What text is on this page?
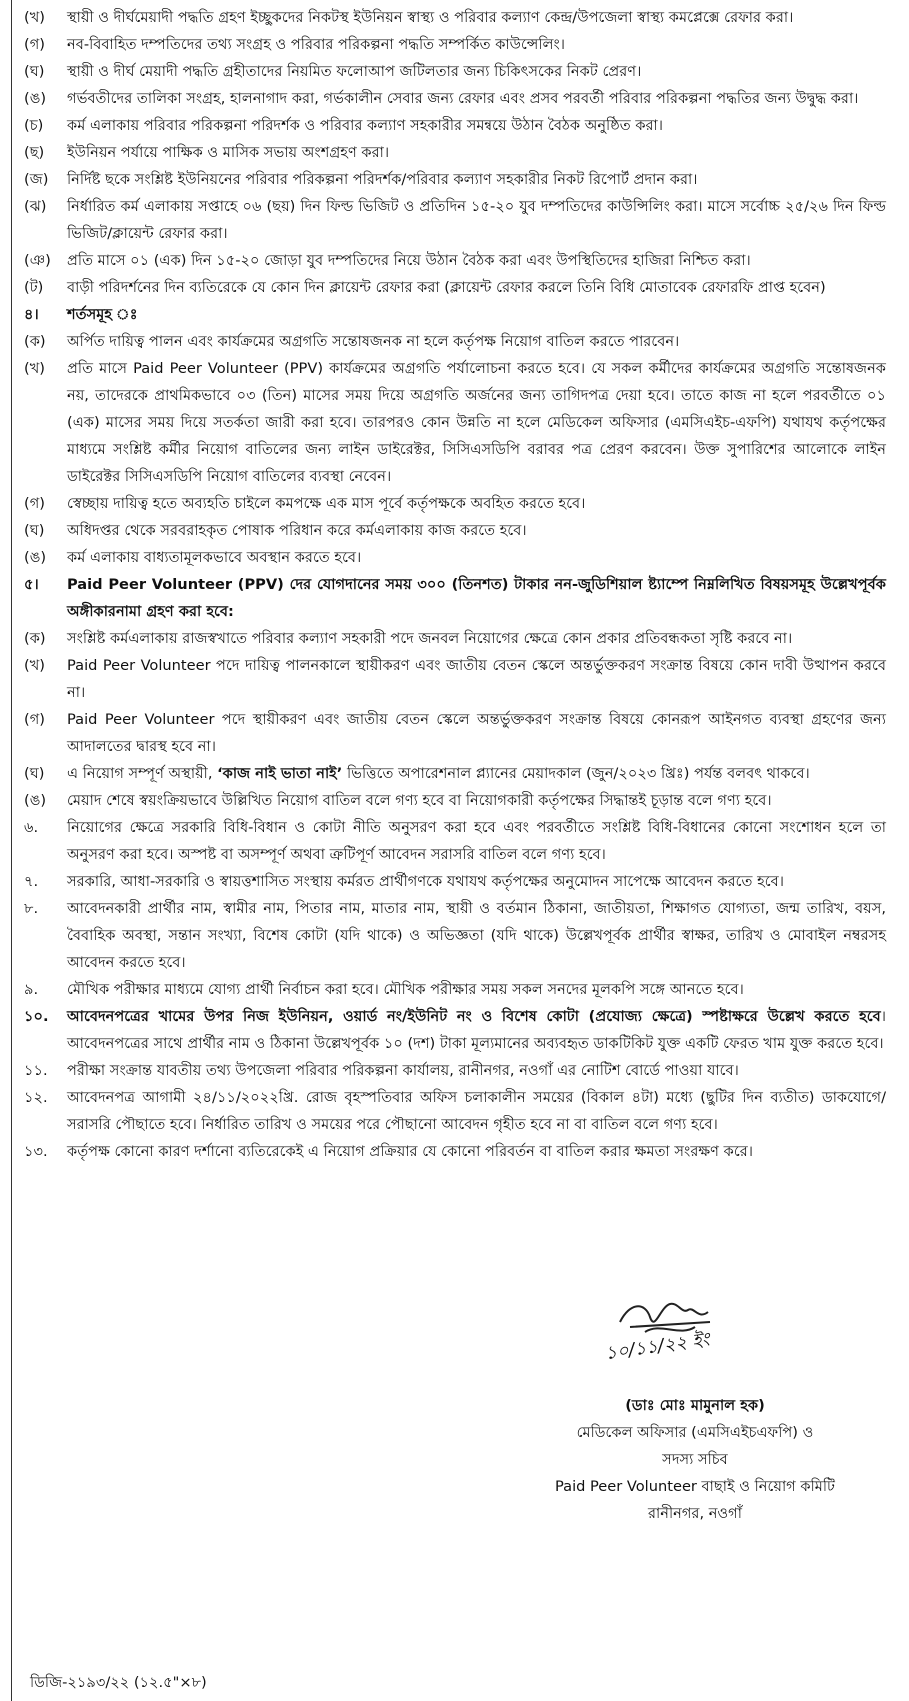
(খ)	স্থায়ী ও দীর্ঘমেয়াদী পদ্ধতি গ্রহণ ইচ্ছুকদের নিকটস্থ ইউনিয়ন স্বাস্থ্য ও পরিবার কল্যাণ কেন্দ্র/উপজেলা স্বাস্থ্য কমপ্লেক্সে রেফার করা।
(গ)	নব-বিবাহিত দম্পতিদের তথ্য সংগ্রহ ও পরিবার পরিকল্পনা পদ্ধতি সম্পর্কিত কাউন্সেলিং।
(ঘ)	স্থায়ী ও দীর্ঘ মেয়াদী পদ্ধতি গ্রহীতাদের নিয়মিত ফলোআপ জটিলতার জন্য চিকিৎসকের নিকট প্রেরণ।
(ঙ)	গর্ভবতীদের তালিকা সংগ্রহ, হালনাগাদ করা, গর্ভকালীন সেবার জন্য রেফার এবং প্রসব পরবর্তী পরিবার পরিকল্পনা পদ্ধতির জন্য উদ্বুদ্ধ করা।
(চ)	কর্ম এলাকায় পরিবার পরিকল্পনা পরিদর্শক ও পরিবার কল্যাণ সহকারীর সমন্বয়ে উঠান বৈঠক অনুষ্ঠিত করা।
(ছ)	ইউনিয়ন পর্যায়ে পাক্ষিক ও মাসিক সভায় অংশগ্রহণ করা।
(জ)	নির্দিষ্ট ছকে সংশ্লিষ্ট ইউনিয়নের পরিবার পরিকল্পনা পরিদর্শক/পরিবার কল্যাণ সহকারীর নিকট রিপোর্ট প্রদান করা।
(ঝ)	নির্ধারিত কর্ম এলাকায় সপ্তাহে ০৬ (ছয়) দিন ফিল্ড ভিজিট ও প্রতিদিন ১৫-২০ যুব দম্পতিদের কাউন্সিলিং করা। মাসে সর্বোচ্চ ২৫/২৬ দিন ফিল্ড ভিজিট/ক্লায়েন্ট রেফার করা।
(ঞ)	প্রতি মাসে ০১ (এক) দিন ১৫-২০ জোড়া যুব দম্পতিদের নিয়ে উঠান বৈঠক করা এবং উপস্থিতিদের হাজিরা নিশ্চিত করা।
(ট)	বাড়ী পরিদর্শনের দিন ব্যতিরেকে যে কোন দিন ক্লায়েন্ট রেফার করা (ক্লায়েন্ট রেফার করলে তিনি বিধি মোতাবেক রেফারফি প্রাপ্ত হবেন)
৪।	শর্তসমূহ ঃ
(ক)	অর্পিত দায়িত্ব পালন এবং কার্যক্রমের অগ্রগতি সন্তোষজনক না হলে কর্তৃপক্ষ নিয়োগ বাতিল করতে পারবেন।
(খ)	প্রতি মাসে Paid Peer Volunteer (PPV) কার্যক্রমের অগ্রগতি পর্যালোচনা করতে হবে। যে সকল কর্মীদের কার্যক্রমের অগ্রগতি সন্তোষজনক নয়, তাদেরকে প্রাথমিকভাবে ০৩ (তিন) মাসের সময় দিয়ে অগ্রগতি অর্জনের জন্য তাগিদপত্র দেয়া হবে। তাতে কাজ না হলে পরবর্তীতে ০১ (এক) মাসের সময় দিয়ে সতর্কতা জারী করা হবে। তারপরও কোন উন্নতি না হলে মেডিকেল অফিসার (এমসিএইচ-এফপি) যথাযথ কর্তৃপক্ষের মাধ্যমে সংশ্লিষ্ট কর্মীর নিয়োগ বাতিলের জন্য লাইন ডাইরেক্টর, সিসিএসডিপি বরাবর পত্র প্রেরণ করবেন। উক্ত সুপারিশের আলোকে লাইন ডাইরেক্টর সিসিএসডিপি নিয়োগ বাতিলের ব্যবস্থা নেবেন।
(গ)	স্বেচ্ছায় দায়িত্ব হতে অব্যহতি চাইলে কমপক্ষে এক মাস পূর্বে কর্তৃপক্ষকে অবহিত করতে হবে।
(ঘ)	অধিদপ্তর থেকে সরবরাহকৃত পোষাক পরিধান করে কর্মএলাকায় কাজ করতে হবে।
(ঙ)	কর্ম এলাকায় বাধ্যতামূলকভাবে অবস্থান করতে হবে।
৫।	Paid Peer Volunteer (PPV) দের যোগদানের সময় ৩০০ (তিনশত) টাকার নন-জুডিশিয়াল ষ্ট্যাম্পে নিম্নলিখিত বিষয়সমূহ উল্লেখপূর্বক অঙ্গীকারনামা গ্রহণ করা হবে:
(ক)	সংশ্লিষ্ট কর্মএলাকায় রাজস্বখাতে পরিবার কল্যাণ সহকারী পদে জনবল নিয়োগের ক্ষেত্রে কোন প্রকার প্রতিবন্ধকতা সৃষ্টি করবে না।
(খ)	Paid Peer Volunteer পদে দায়িত্ব পালনকালে স্থায়ীকরণ এবং জাতীয় বেতন স্কেলে অন্তর্ভুক্তকরণ সংক্রান্ত বিষয়ে কোন দাবী উত্থাপন করবে না।
(গ)	Paid Peer Volunteer পদে স্থায়ীকরণ এবং জাতীয় বেতন স্কেলে অন্তর্ভুক্তকরণ সংক্রান্ত বিষয়ে কোনরূপ আইনগত ব্যবস্থা গ্রহণের জন্য আদালতের দ্বারস্থ হবে না।
(ঘ)	এ নিয়োগ সম্পূর্ণ অস্থায়ী, ‘কাজ নাই ভাতা নাই’ ভিত্তিতে অপারেশনাল প্ল্যানের মেয়াদকাল (জুন/২০২৩ খ্রিঃ) পর্যন্ত বলবৎ থাকবে।
(ঙ)	মেয়াদ শেষে স্বয়ংক্রিয়ভাবে উল্লিখিত নিয়োগ বাতিল বলে গণ্য হবে বা নিয়োগকারী কর্তৃপক্ষের সিদ্ধান্তই চূড়ান্ত বলে গণ্য হবে।
৬.	নিয়োগের ক্ষেত্রে সরকারি বিধি-বিধান ও কোটা নীতি অনুসরণ করা হবে এবং পরবর্তীতে সংশ্লিষ্ট বিধি-বিধানের কোনো সংশোধন হলে তা অনুসরণ করা হবে। অস্পষ্ট বা অসম্পূর্ণ অথবা ত্রুটিপূর্ণ আবেদন সরাসরি বাতিল বলে গণ্য হবে।
৭.	সরকারি, আধা-সরকারি ও স্বায়ত্তশাসিত সংস্থায় কর্মরত প্রার্থীগণকে যথাযথ কর্তৃপক্ষের অনুমোদন সাপেক্ষে আবেদন করতে হবে।
৮.	আবেদনকারী প্রার্থীর নাম, স্বামীর নাম, পিতার নাম, মাতার নাম, স্থায়ী ও বর্তমান ঠিকানা, জাতীয়তা, শিক্ষাগত যোগ্যতা, জন্ম তারিখ, বয়স, বৈবাহিক অবস্থা, সন্তান সংখ্যা, বিশেষ কোটা (যদি থাকে) ও অভিজ্ঞতা (যদি থাকে) উল্লেখপূর্বক প্রার্থীর স্বাক্ষর, তারিখ ও মোবাইল নম্বরসহ আবেদন করতে হবে।
৯.	মৌখিক পরীক্ষার মাধ্যমে যোগ্য প্রার্থী নির্বাচন করা হবে। মৌখিক পরীক্ষার সময় সকল সনদের মূলকপি সঙ্গে আনতে হবে।
১০.	আবেদনপত্রের খামের উপর নিজ ইউনিয়ন, ওয়ার্ড নং/ইউনিট নং ও বিশেষ কোটা (প্রযোজ্য ক্ষেত্রে) স্পষ্টাক্ষরে উল্লেখ করতে হবে। আবেদনপত্রের সাথে প্রার্থীর নাম ও ঠিকানা উল্লেখপূর্বক ১০ (দশ) টাকা মূল্যমানের অব্যবহৃত ডাকটিকিট যুক্ত একটি ফেরত খাম যুক্ত করতে হবে।
১১.	পরীক্ষা সংক্রান্ত যাবতীয় তথ্য উপজেলা পরিবার পরিকল্পনা কার্যালয়, রানীনগর, নওগাঁ এর নোটিশ বোর্ডে পাওয়া যাবে।
১২.	আবেদনপত্র আগামী ২৪/১১/২০২২খ্রি. রোজ বৃহস্পতিবার অফিস চলাকালীন সময়ের (বিকাল ৪টা) মধ্যে (ছুটির দিন ব্যতীত) ডাকযোগে/সরাসরি পৌছাতে হবে। নির্ধারিত তারিখ ও সময়ের পরে পৌছানো আবেদন গৃহীত হবে না বা বাতিল বলে গণ্য হবে।
১৩.	কর্তৃপক্ষ কোনো কারণ দর্শানো ব্যতিরেকেই এ নিয়োগ প্রক্রিয়ার যে কোনো পরিবর্তন বা বাতিল করার ক্ষমতা সংরক্ষণ করে।
১০/১১/২২ ইং
(ডাঃ মোঃ মামুনাল হক)
মেডিকেল অফিসার (এমসিএইচএফপি) ও
সদস্য সচিব
Paid Peer Volunteer বাছাই ও নিয়োগ কমিটি
রানীনগর, নওগাঁ
ডিজি-২১৯৩/২২ (১২.৫"×৮)
